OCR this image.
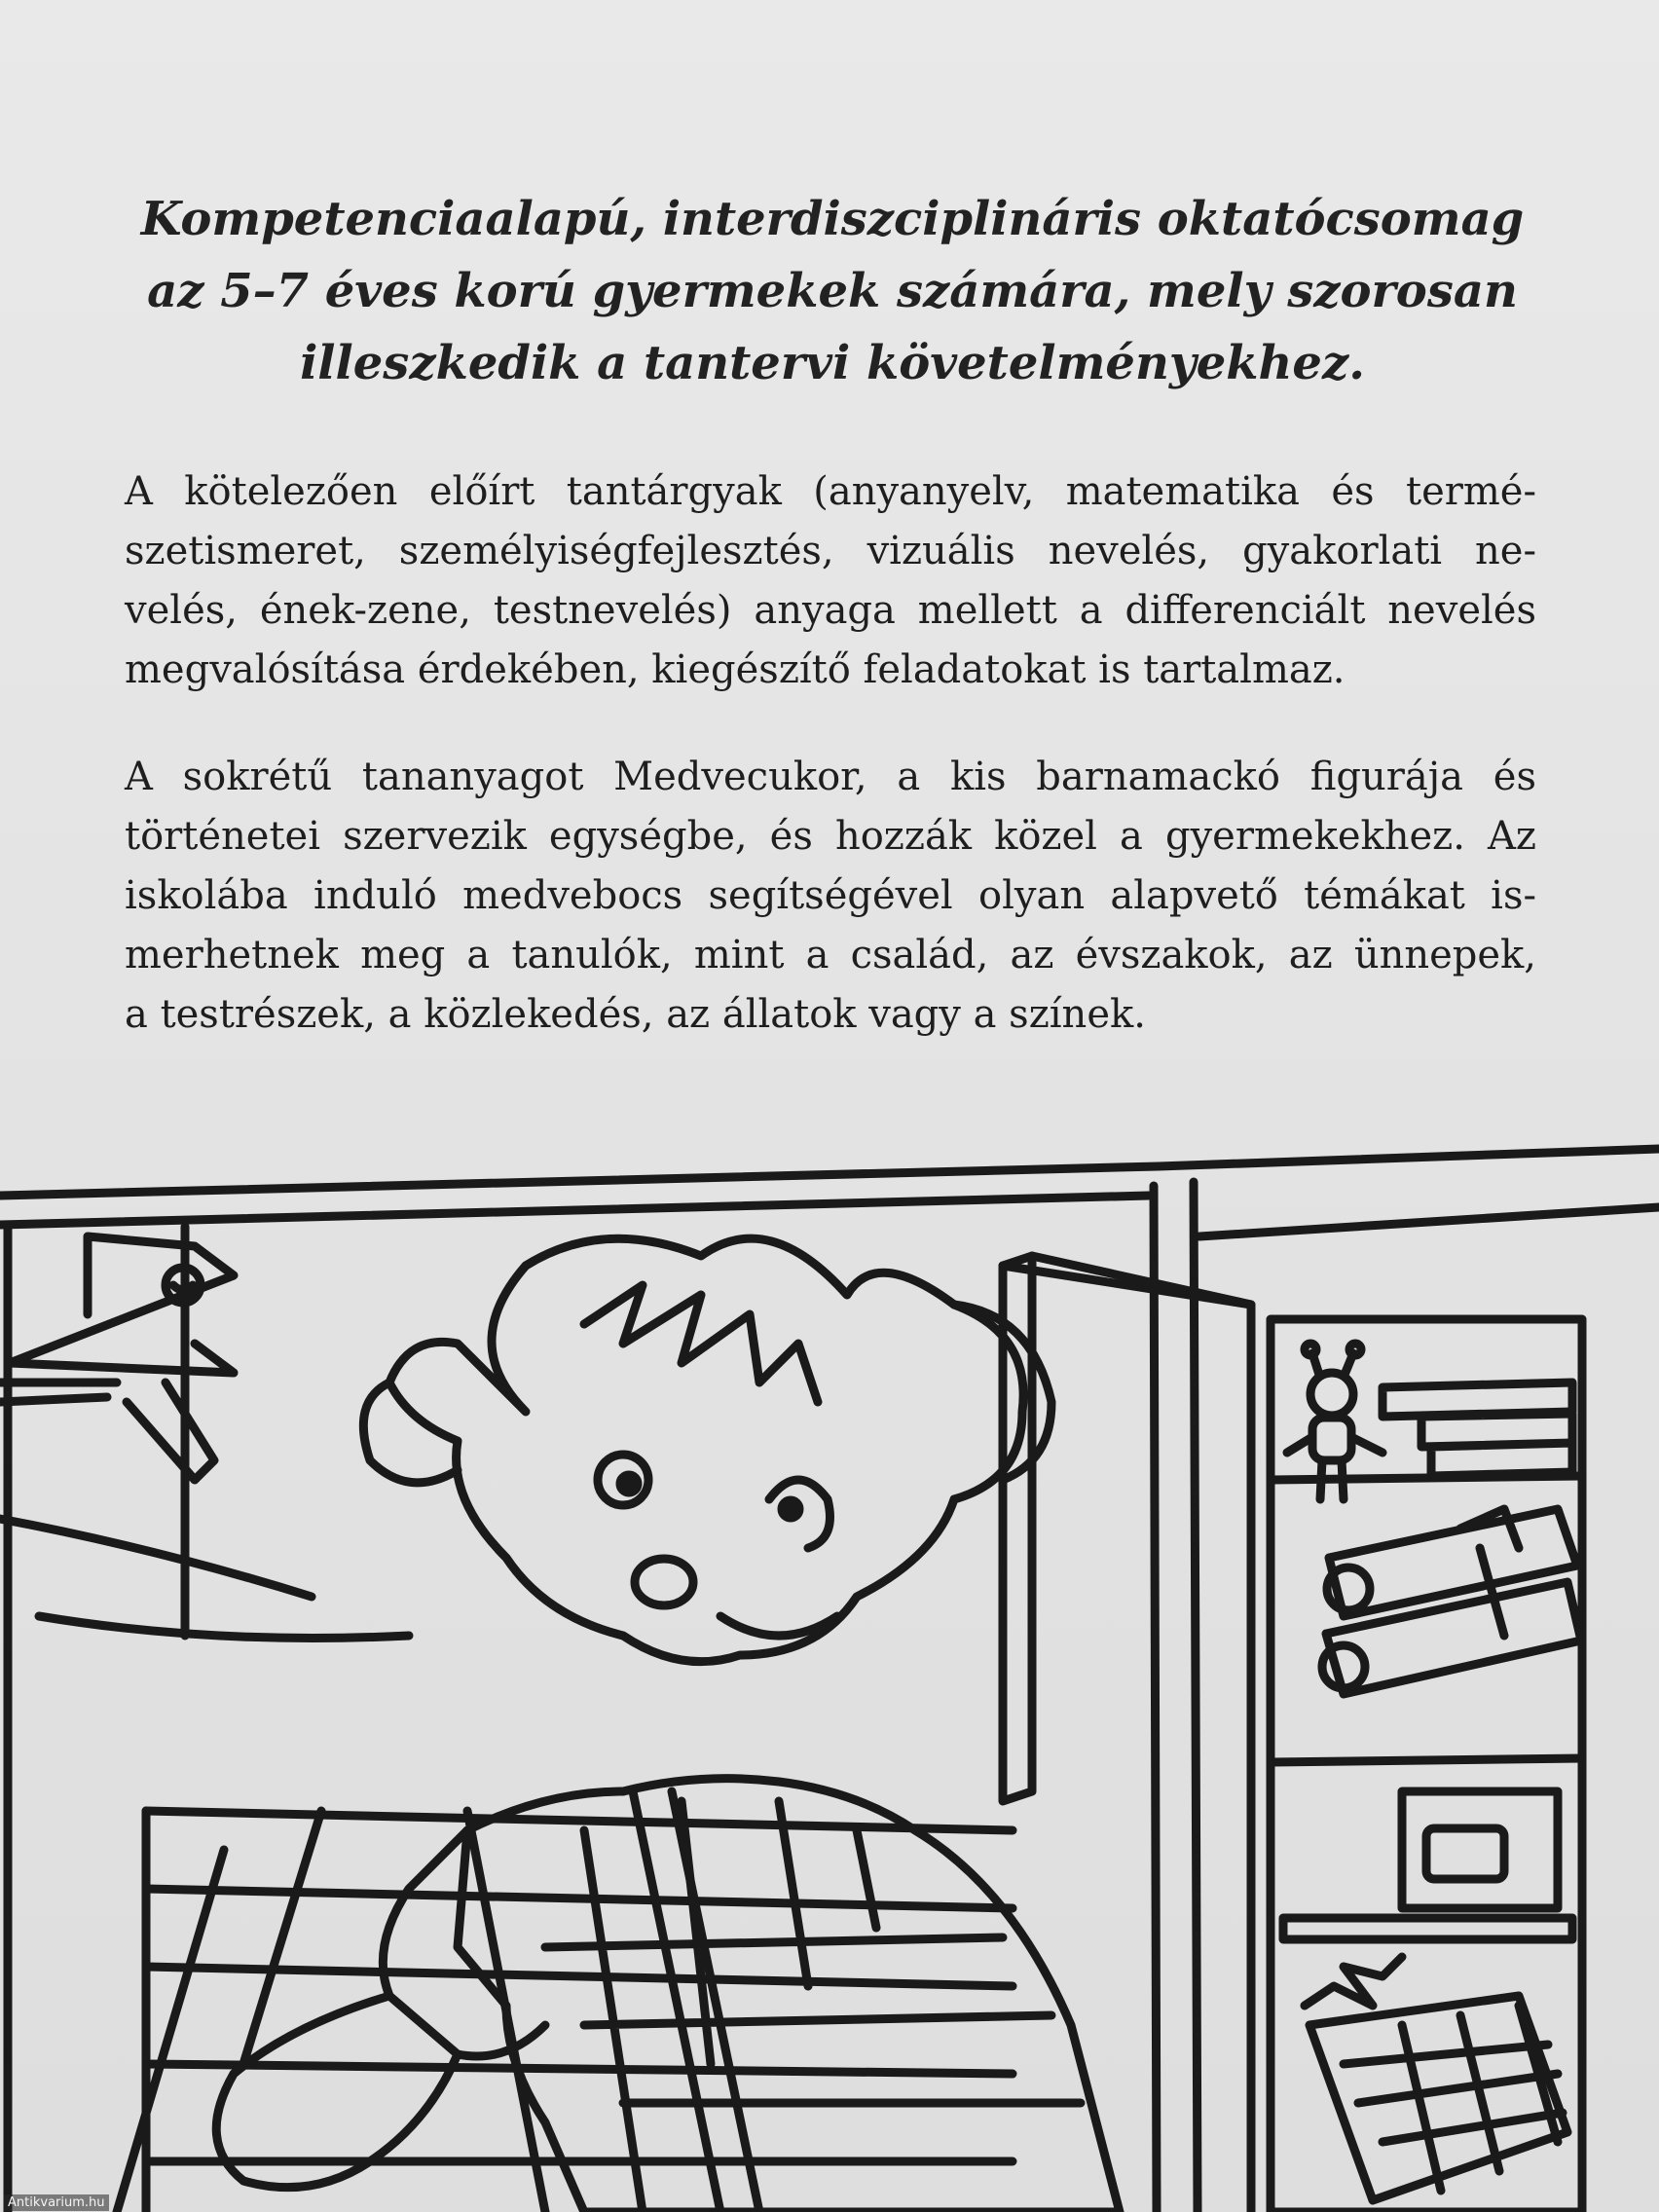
Kompetenciaalapú, interdiszciplináris oktatócsomag
az 5–7 éves korú gyermekek számára, mely szorosan
illeszkedik a tantervi követelményekhez.
A kötelezően előírt tantárgyak (anyanyelv, matematika és termé-
szetismeret, személyiségfejlesztés, vizuális nevelés, gyakorlati ne-
velés, ének-zene, testnevelés) anyaga mellett a differenciált nevelés
megvalósítása érdekében, kiegészítő feladatokat is tartalmaz.
A sokrétű tananyagot Medvecukor, a kis barnamackó figurája és
történetei szervezik egységbe, és hozzák közel a gyermekekhez. Az
iskolába induló medvebocs segítségével olyan alapvető témákat is-
merhetnek meg a tanulók, mint a család, az évszakok, az ünnepek,
a testrészek, a közlekedés, az állatok vagy a színek.
Antikvarium.hu
